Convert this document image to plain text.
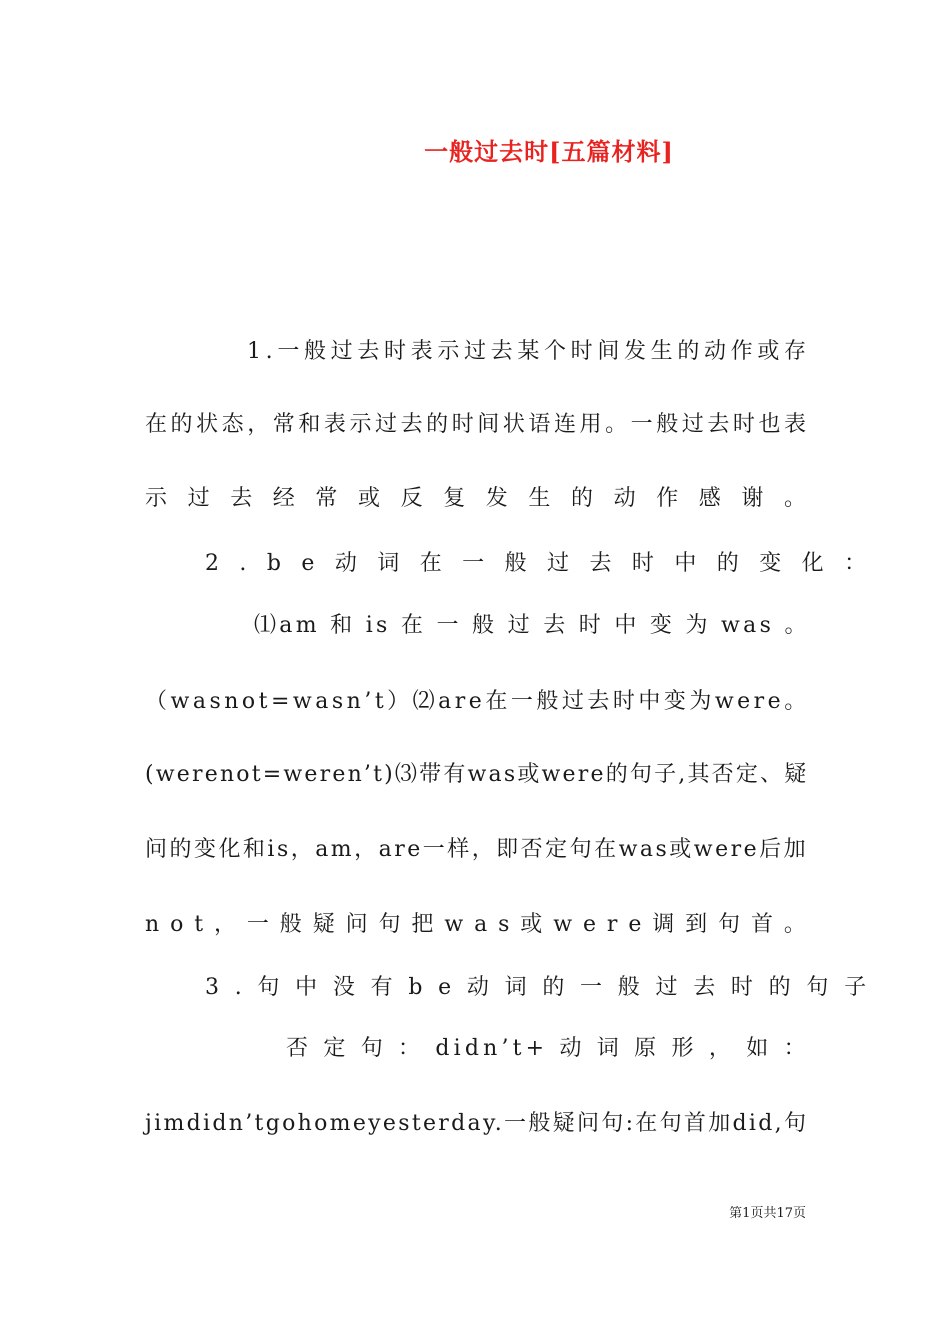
一般过去时[五篇材料]
1.一般过去时表示过去某个时间发生的动作或存
在的状态，常和表示过去的时间状语连用。一般过去时也表
示过去经常或反复发生的动作感谢。
2.be动词在一般过去时中的变化：
⑴am 和 is 在 一 般 过 去 时 中 变 为 was 。
（wasnot=wasn’t）⑵are在一般过去时中变为were。
(werenot=weren’t)⑶带有was或were的句子,其否定、疑
问的变化和is，am，are一样，即否定句在was或were后加
not，一般疑问句把was或were调到句首。
3.句中没有be动词的一般过去时的句子
否 定 句 ： didn’t+ 动 词 原 形 ， 如 ：
jimdidn’tgohomeyesterday.一般疑问句:在句首加did,句
第1页共17页
